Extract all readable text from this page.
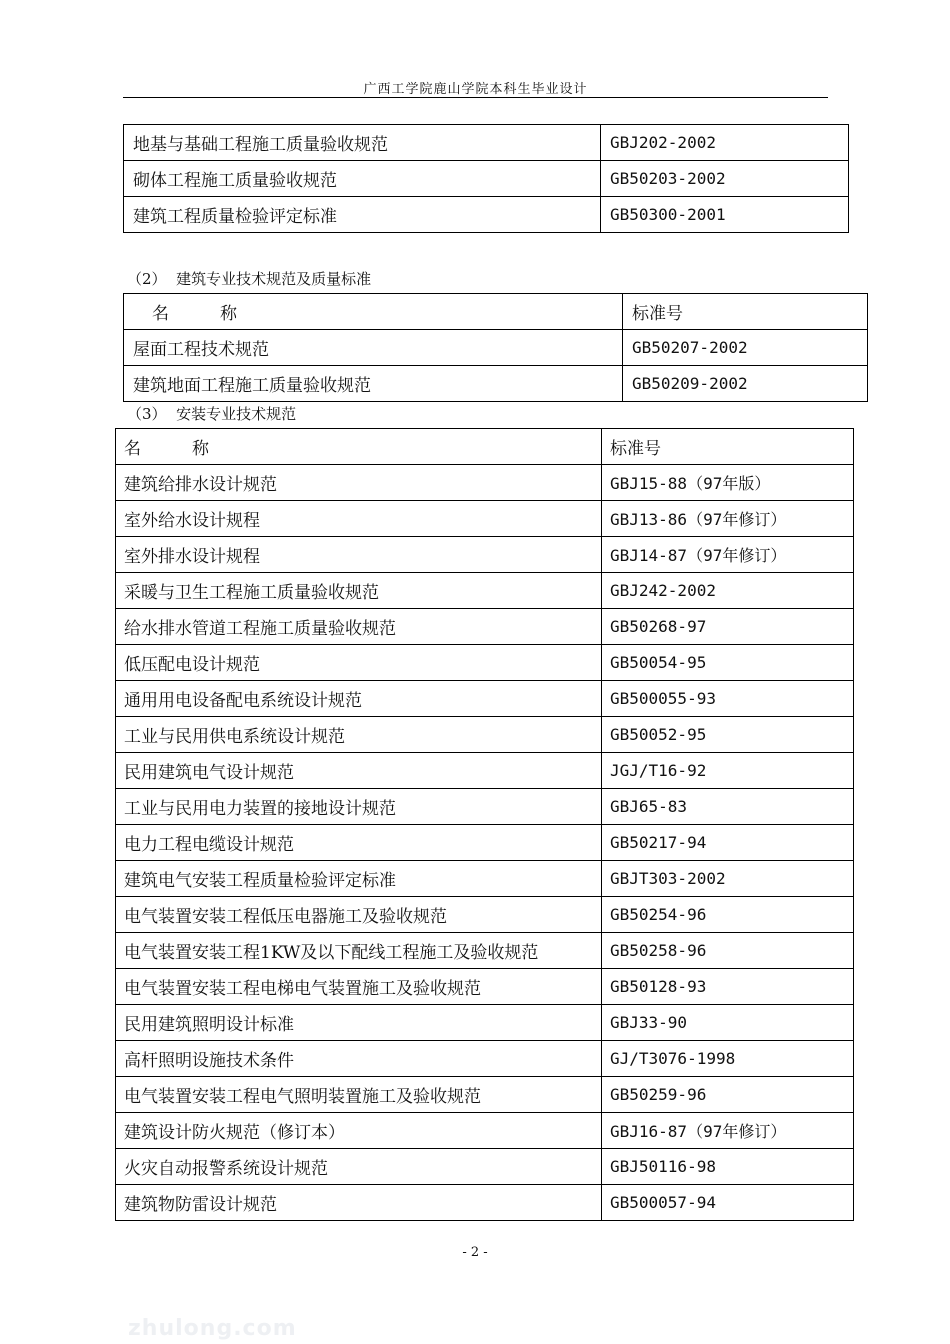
广西工学院鹿山学院本科生毕业设计
地基与基础工程施工质量验收规范	GBJ202-2002
砌体工程施工质量验收规范	GB50203-2002
建筑工程质量检验评定标准	GB50300-2001
（2） 建筑专业技术规范及质量标准
名　　　称	标准号
屋面工程技术规范	GB50207-2002
建筑地面工程施工质量验收规范	GB50209-2002
（3） 安装专业技术规范
名　　　称	标准号
建筑给排水设计规范	GBJ15-88（97年版）
室外给水设计规程	GBJ13-86（97年修订）
室外排水设计规程	GBJ14-87（97年修订）
采暖与卫生工程施工质量验收规范	GBJ242-2002
给水排水管道工程施工质量验收规范	GB50268-97
低压配电设计规范	GB50054-95
通用用电设备配电系统设计规范	GB500055-93
工业与民用供电系统设计规范	GB50052-95
民用建筑电气设计规范	JGJ/T16-92
工业与民用电力装置的接地设计规范	GBJ65-83
电力工程电缆设计规范	GB50217-94
建筑电气安装工程质量检验评定标准	GBJT303-2002
电气装置安装工程低压电器施工及验收规范	GB50254-96
电气装置安装工程1KW及以下配线工程施工及验收规范	GB50258-96
电气装置安装工程电梯电气装置施工及验收规范	GB50128-93
民用建筑照明设计标准	GBJ33-90
高杆照明设施技术条件	GJ/T3076-1998
电气装置安装工程电气照明装置施工及验收规范	GB50259-96
建筑设计防火规范（修订本）	GBJ16-87（97年修订）
火灾自动报警系统设计规范	GBJ50116-98
建筑物防雷设计规范	GB500057-94
- 2 -
zhulong.com
